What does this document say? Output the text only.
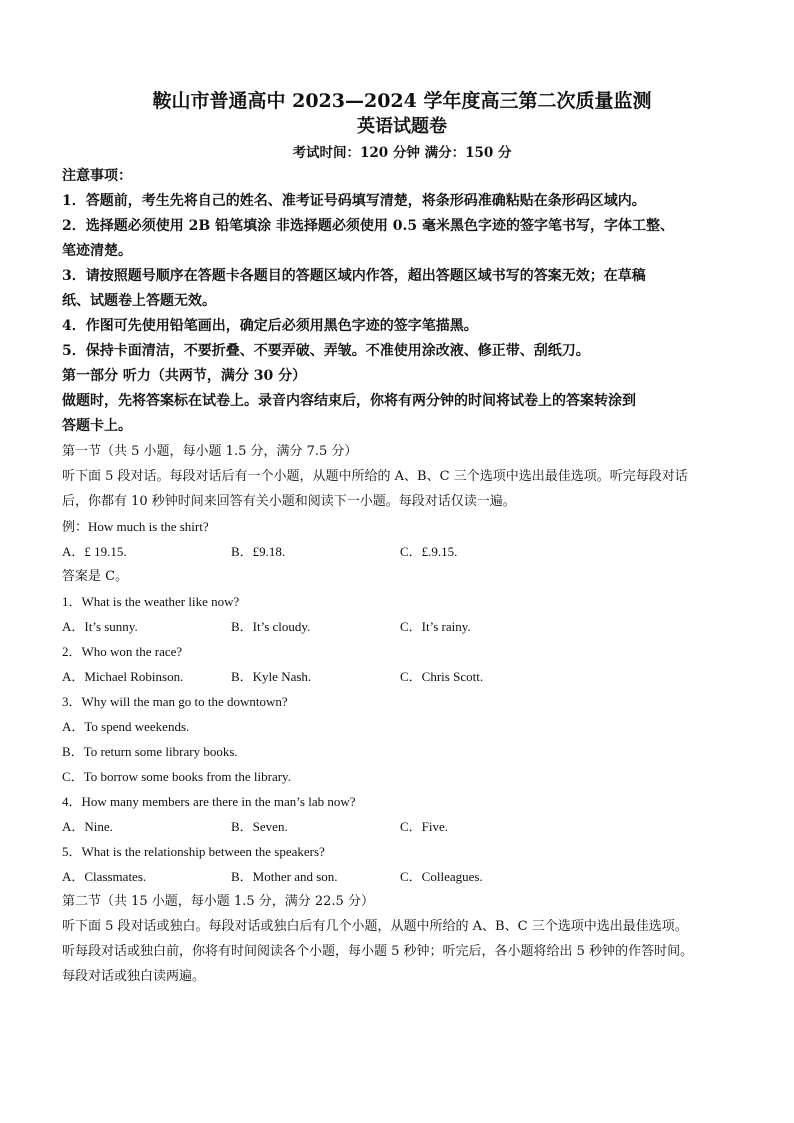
鞍山市普通高中 2023—2024 学年度高三第二次质量监测

英语试题卷

考试时间：120 分钟 满分：150 分

注意事项：

1．答题前，考生先将自己的姓名、准考证号码填写清楚，将条形码准确粘贴在条形码区域内。

2．选择题必须使用 2B 铅笔填涂 非选择题必须使用 0.5 毫米黑色字迹的签字笔书写，字体工整、

笔迹清楚。

3．请按照题号顺序在答题卡各题目的答题区域内作答，超出答题区域书写的答案无效；在草稿

纸、试题卷上答题无效。

4．作图可先使用铅笔画出，确定后必须用黑色字迹的签字笔描黑。

5．保持卡面清洁，不要折叠、不要弄破、弄皱。不准使用涂改液、修正带、刮纸刀。

第一部分 听力（共两节，满分 30 分）

做题时，先将答案标在试卷上。录音内容结束后，你将有两分钟的时间将试卷上的答案转涂到

答题卡上。

第一节（共 5 小题，每小题 1.5 分，满分 7.5 分）

听下面 5 段对话。每段对话后有一个小题，从题中所给的 A、B、C 三个选项中选出最佳选项。听完每段对话

后，你都有 10 秒钟时间来回答有关小题和阅读下一小题。每段对话仅读一遍。

例：How much is the shirt?

A．£ 19.15.	B．£9.18.	C．£.9.15.

答案是 C。

1．What is the weather like now?

A．It’s sunny.	B．It’s cloudy.	C．It’s rainy.

2．Who won the race?

A．Michael Robinson.	B．Kyle Nash.	C．Chris Scott.

3．Why will the man go to the downtown?

A．To spend weekends.

B．To return some library books.

C．To borrow some books from the library.

4．How many members are there in the man’s lab now?

A．Nine.	B．Seven.	C．Five.

5．What is the relationship between the speakers?

A．Classmates.	B．Mother and son.	C．Colleagues.

第二节（共 15 小题，每小题 1.5 分，满分 22.5 分）

听下面 5 段对话或独白。每段对话或独白后有几个小题，从题中所给的 A、B、C 三个选项中选出最佳选项。

听每段对话或独白前，你将有时间阅读各个小题，每小题 5 秒钟；听完后，各小题将给出 5 秒钟的作答时间。

每段对话或独白读两遍。
